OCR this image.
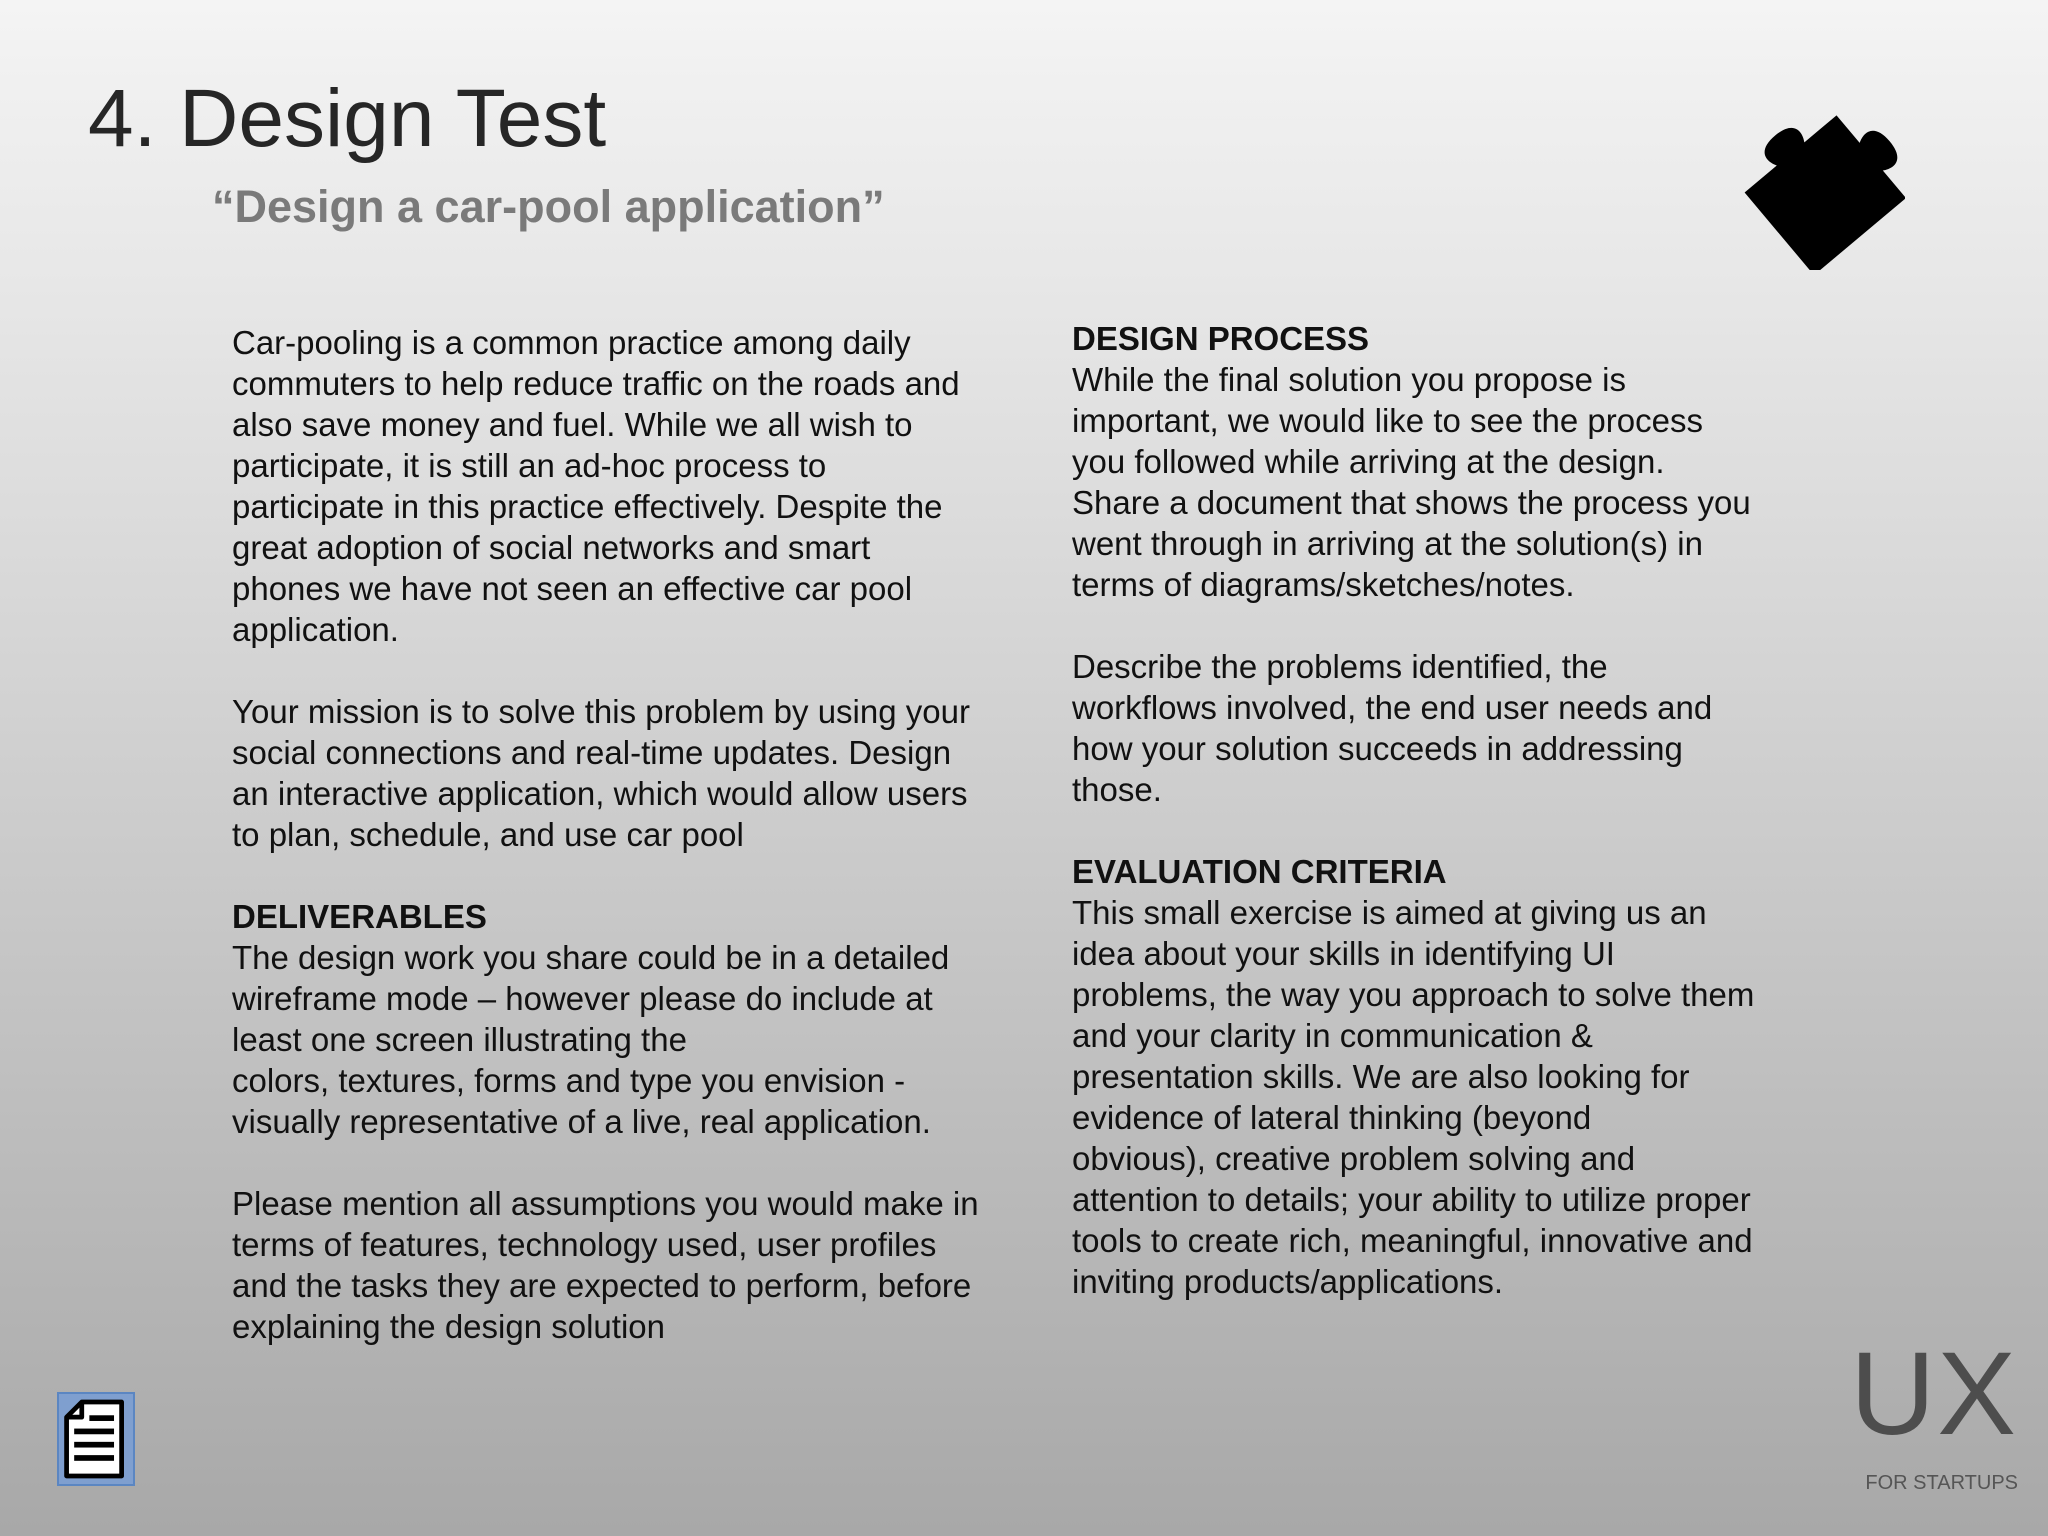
4. Design Test
“Design a car-pool application”

Car-pooling is a common practice among daily
commuters to help reduce traffic on the roads and
also save money and fuel. While we all wish to
participate, it is still an ad-hoc process to
participate in this practice effectively. Despite the
great adoption of social networks and smart
phones we have not seen an effective car pool
application.

Your mission is to solve this problem by using your
social connections and real-time updates. Design
an interactive application, which would allow users
to plan, schedule, and use car pool

DELIVERABLES

The design work you share could be in a detailed
wireframe mode – however please do include at
least one screen illustrating the
colors, textures, forms and type you envision -
visually representative of a live, real application.

Please mention all assumptions you would make in
terms of features, technology used, user profiles
and the tasks they are expected to perform, before
explaining the design solution

DESIGN PROCESS

While the final solution you propose is
important, we would like to see the process
you followed while arriving at the design.
Share a document that shows the process you
went through in arriving at the solution(s) in
terms of diagrams/sketches/notes.

Describe the problems identified, the
workflows involved, the end user needs and
how your solution succeeds in addressing
those.

EVALUATION CRITERIA

This small exercise is aimed at giving us an
idea about your skills in identifying UI
problems, the way you approach to solve them
and your clarity in communication &
presentation skills. We are also looking for
evidence of lateral thinking (beyond
obvious), creative problem solving and
attention to details; your ability to utilize proper
tools to create rich, meaningful, innovative and
inviting products/applications.

UX

FOR STARTUPS
